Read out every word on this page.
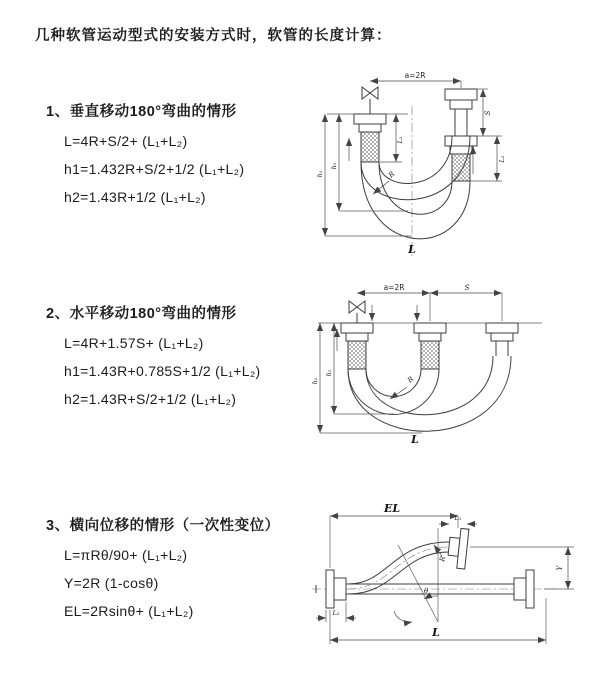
几种软管运动型式的安装方式时，软管的长度计算：
1、垂直移动180°弯曲的情形
L=4R+S/2+ (L₁+L₂)
h1=1.432R+S/2+1/2 (L₁+L₂)
h2=1.43R+1/2 (L₁+L₂)
2、水平移动180°弯曲的情形
L=4R+1.57S+ (L₁+L₂)
h1=1.43R+0.785S+1/2 (L₁+L₂)
h2=1.43R+S/2+1/2 (L₁+L₂)
3、横向位移的情形（一次性变位）
L=πRθ/90+ (L₁+L₂)
Y=2R (1-cosθ)
EL=2Rsinθ+ (L₁+L₂)
a=2R
L₁
h₁
h₂
S
L₁
R
L
a=2R	S
h₁
h₂
R
L
EL
L₁
θ
R
Y
L₂
L
